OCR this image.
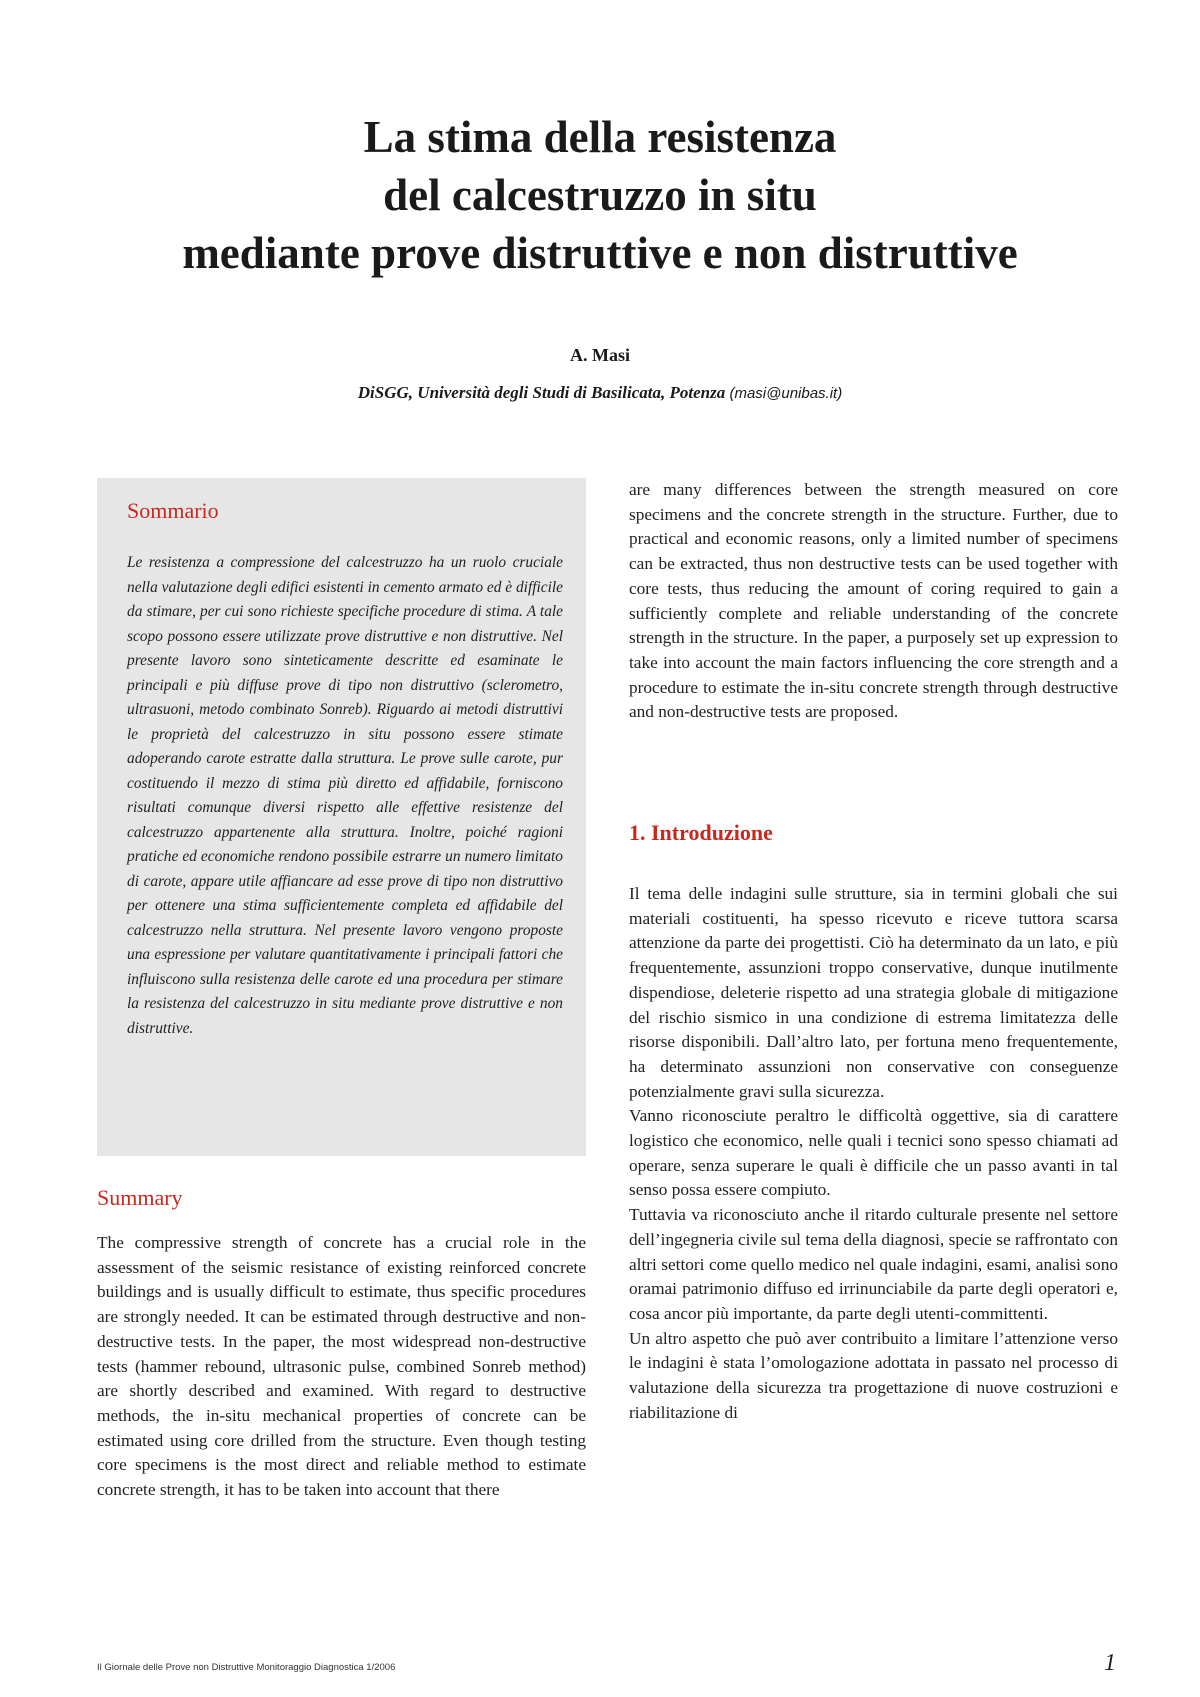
La stima della resistenza
del calcestruzzo in situ
mediante prove distruttive e non distruttive
A. Masi
DiSGG, Università degli Studi di Basilicata, Potenza (masi@unibas.it)
Sommario
Le resistenza a compressione del calcestruzzo ha un ruolo cruciale nella valutazione degli edifici esistenti in cemento armato ed è difficile da stimare, per cui sono richieste specifiche procedure di stima. A tale scopo possono essere utilizzate prove distruttive e non distruttive. Nel presente lavoro sono sinteticamente descritte ed esaminate le principali e più diffuse prove di tipo non distruttivo (sclerometro, ultrasuoni, metodo combinato Sonreb). Riguardo ai metodi distruttivi le proprietà del calcestruzzo in situ possono essere stimate adoperando carote estratte dalla struttura. Le prove sulle carote, pur costituendo il mezzo di stima più diretto ed affidabile, forniscono risultati comunque diversi rispetto alle effettive resistenze del calcestruzzo appartenente alla struttura. Inoltre, poiché ragioni pratiche ed economiche rendono possibile estrarre un numero limitato di carote, appare utile affiancare ad esse prove di tipo non distruttivo per ottenere una stima sufficientemente completa ed affidabile del calcestruzzo nella struttura. Nel presente lavoro vengono proposte una espressione per valutare quantitativamente i principali fattori che influiscono sulla resistenza delle carote ed una procedura per stimare la resistenza del calcestruzzo in situ mediante prove distruttive e non distruttive.
Summary
The compressive strength of concrete has a crucial role in the assessment of the seismic resistance of existing reinforced concrete buildings and is usually difficult to estimate, thus specific procedures are strongly needed. It can be estimated through destructive and non-destructive tests. In the paper, the most widespread non-destructive tests (hammer rebound, ultrasonic pulse, combined Sonreb method) are shortly described and examined. With regard to destructive methods, the in-situ mechanical properties of concrete can be estimated using core drilled from the structure. Even though testing core specimens is the most direct and reliable method to estimate concrete strength, it has to be taken into account that there
are many differences between the strength measured on core specimens and the concrete strength in the structure. Further, due to practical and economic reasons, only a limited number of specimens can be extracted, thus non destructive tests can be used together with core tests, thus reducing the amount of coring required to gain a sufficiently complete and reliable understanding of the concrete strength in the structure. In the paper, a purposely set up expression to take into account the main factors influencing the core strength and a procedure to estimate the in-situ concrete strength through destructive and non-destructive tests are proposed.
1. Introduzione

Il tema delle indagini sulle strutture, sia in termini globali che sui materiali costituenti, ha spesso ricevuto e riceve tuttora scarsa attenzione da parte dei progettisti. Ciò ha determinato da un lato, e più frequentemente, assunzioni troppo conservative, dunque inutilmente dispendiose, deleterie rispetto ad una strategia globale di mitigazione del rischio sismico in una condizione di estrema limitatezza delle risorse disponibili. Dall’altro lato, per fortuna meno frequentemente, ha determinato assunzioni non conservative con conseguenze potenzialmente gravi sulla sicurezza.

Vanno riconosciute peraltro le difficoltà oggettive, sia di carattere logistico che economico, nelle quali i tecnici sono spesso chiamati ad operare, senza superare le quali è difficile che un passo avanti in tal senso possa essere compiuto.

Tuttavia va riconosciuto anche il ritardo culturale presente nel settore dell’ingegneria civile sul tema della diagnosi, specie se raffrontato con altri settori come quello medico nel quale indagini, esami, analisi sono oramai patrimonio diffuso ed irrinunciabile da parte degli operatori e, cosa ancor più importante, da parte degli utenti-committenti.

Un altro aspetto che può aver contribuito a limitare l’attenzione verso le indagini è stata l’omologazione adottata in passato nel processo di valutazione della sicurezza tra progettazione di nuove costruzioni e riabilitazione di

Il Giornale delle Prove non Distruttive Monitoraggio Diagnostica 1/2006	1
